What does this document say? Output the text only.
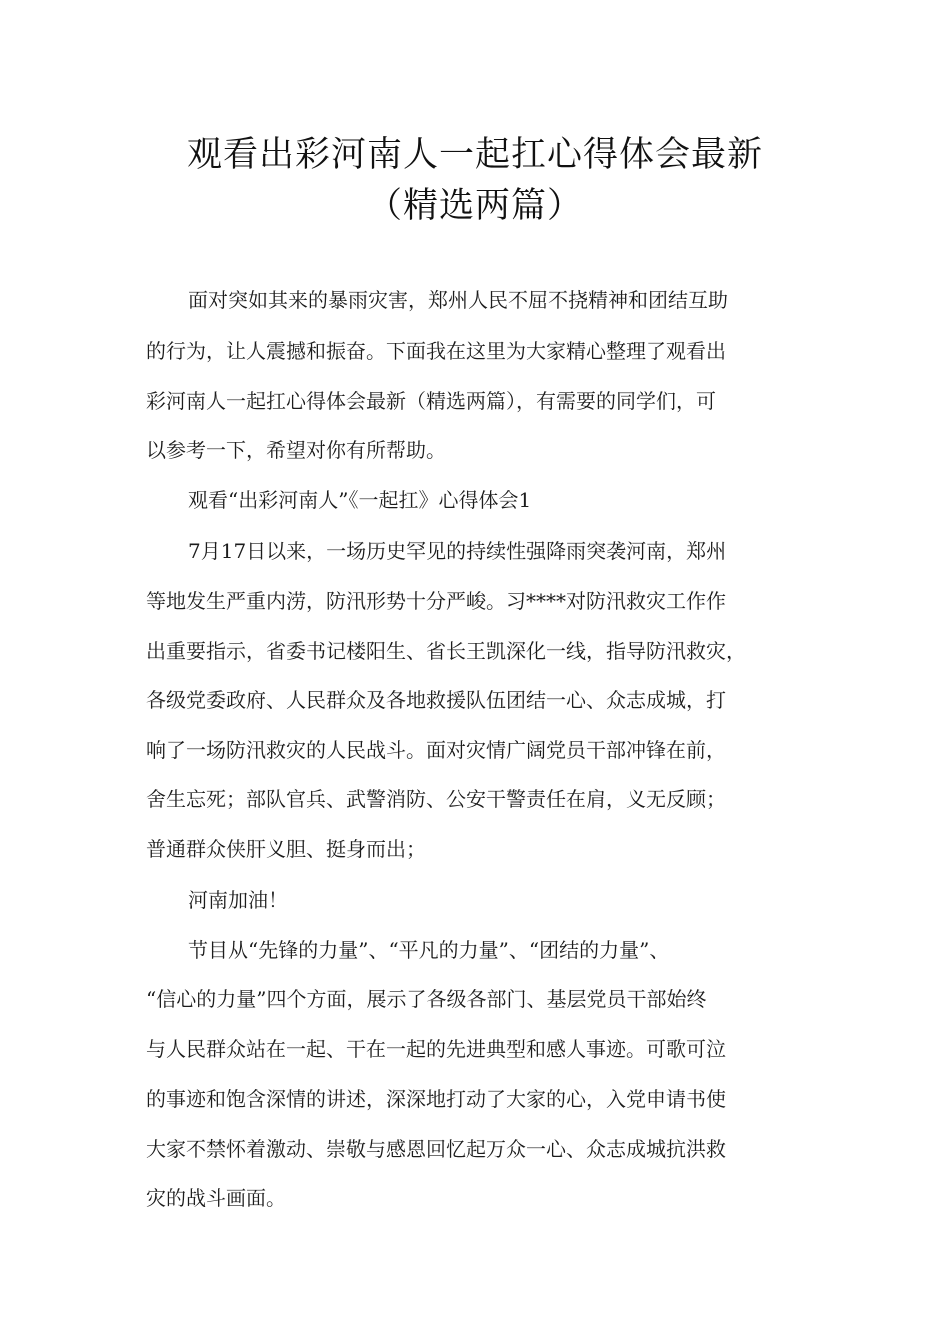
观看出彩河南人一起扛心得体会最新
（精选两篇）
面对突如其来的暴雨灾害，郑州人民不屈不挠精神和团结互助
的行为，让人震撼和振奋。下面我在这里为大家精心整理了观看出
彩河南人一起扛心得体会最新（精选两篇），有需要的同学们，可
以参考一下，希望对你有所帮助。
观看“出彩河南人”《一起扛》心得体会1
7月17日以来，一场历史罕见的持续性强降雨突袭河南，郑州
等地发生严重内涝，防汛形势十分严峻。习****对防汛救灾工作作
出重要指示，省委书记楼阳生、省长王凯深化一线，指导防汛救灾，
各级党委政府、人民群众及各地救援队伍团结一心、众志成城，打
响了一场防汛救灾的人民战斗。面对灾情广阔党员干部冲锋在前，
舍生忘死；部队官兵、武警消防、公安干警责任在肩，义无反顾；
普通群众侠肝义胆、挺身而出；
河南加油！
节目从“先锋的力量”、“平凡的力量”、“团结的力量”、
“信心的力量”四个方面，展示了各级各部门、基层党员干部始终
与人民群众站在一起、干在一起的先进典型和感人事迹。可歌可泣
的事迹和饱含深情的讲述，深深地打动了大家的心，入党申请书使
大家不禁怀着激动、崇敬与感恩回忆起万众一心、众志成城抗洪救
灾的战斗画面。
